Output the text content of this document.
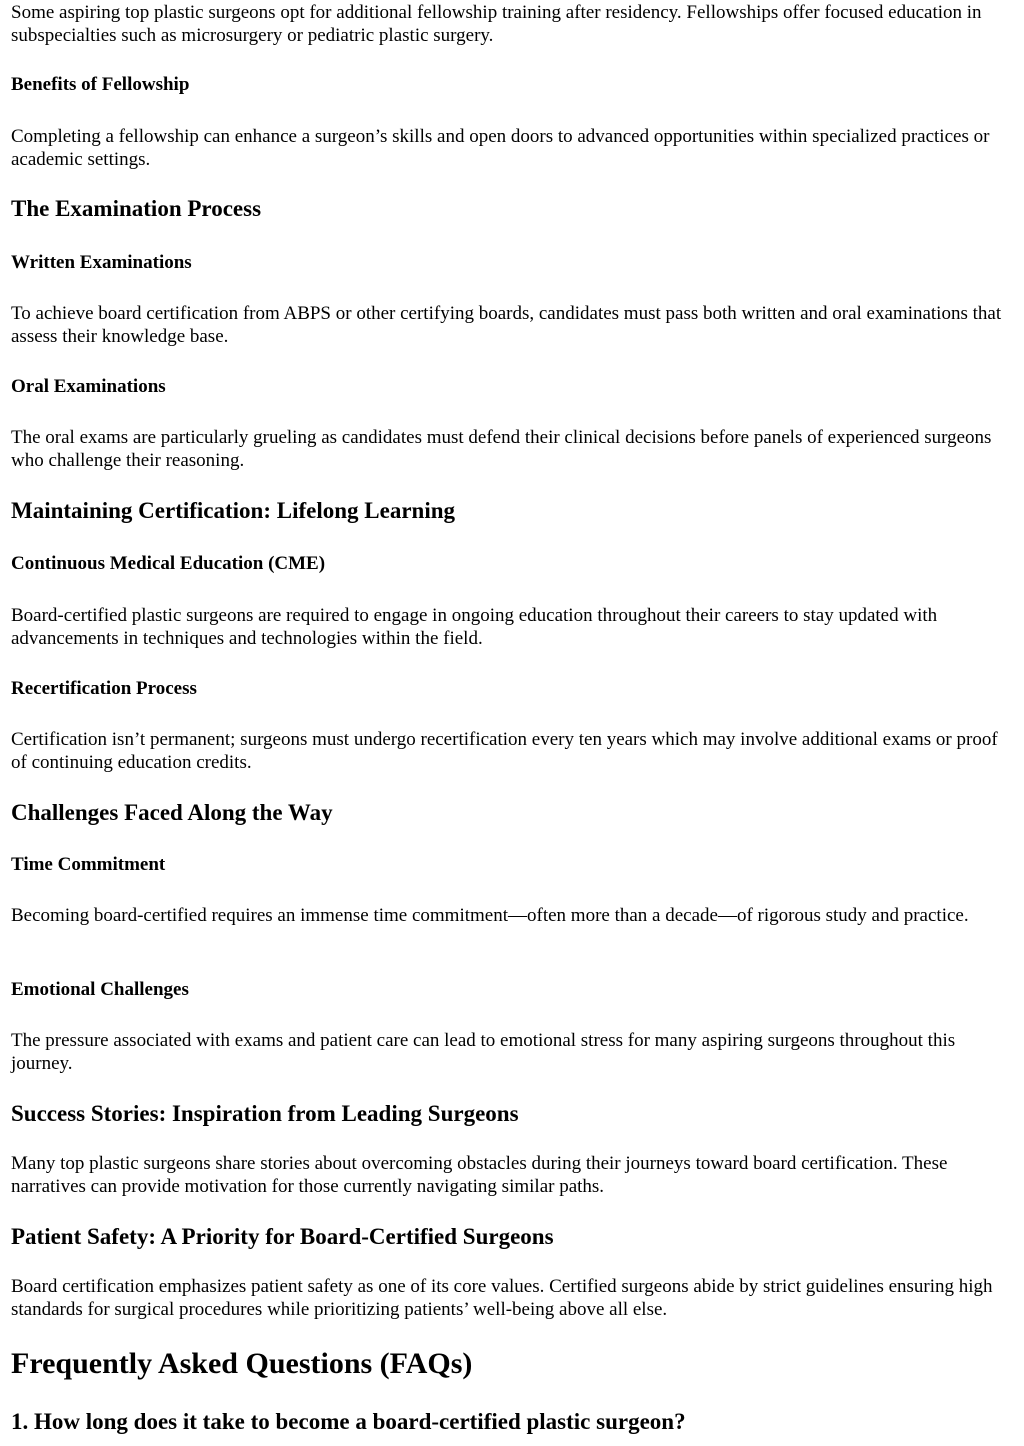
Some aspiring top plastic surgeons opt for additional fellowship training after residency. Fellowships offer focused education in subspecialties such as microsurgery or pediatric plastic surgery.

Benefits of Fellowship

Completing a fellowship can enhance a surgeon’s skills and open doors to advanced opportunities within specialized practices or academic settings.

The Examination Process
Written Examinations

To achieve board certification from ABPS or other certifying boards, candidates must pass both written and oral examinations that assess their knowledge base.

Oral Examinations

The oral exams are particularly grueling as candidates must defend their clinical decisions before panels of experienced surgeons who challenge their reasoning.

Maintaining Certification: Lifelong Learning
Continuous Medical Education (CME)

Board-certified plastic surgeons are required to engage in ongoing education throughout their careers to stay updated with advancements in techniques and technologies within the field.

Recertification Process

Certification isn’t permanent; surgeons must undergo recertification every ten years which may involve additional exams or proof of continuing education credits.

Challenges Faced Along the Way
Time Commitment

Becoming board-certified requires an immense time commitment—often more than a decade—of rigorous study and practice.

Emotional Challenges

The pressure associated with exams and patient care can lead to emotional stress for many aspiring surgeons throughout this journey.

Success Stories: Inspiration from Leading Surgeons

Many top plastic surgeons share stories about overcoming obstacles during their journeys toward board certification. These narratives can provide motivation for those currently navigating similar paths.

Patient Safety: A Priority for Board-Certified Surgeons

Board certification emphasizes patient safety as one of its core values. Certified surgeons abide by strict guidelines ensuring high standards for surgical procedures while prioritizing patients’ well-being above all else.

Frequently Asked Questions (FAQs)
1. How long does it take to become a board-certified plastic surgeon?
